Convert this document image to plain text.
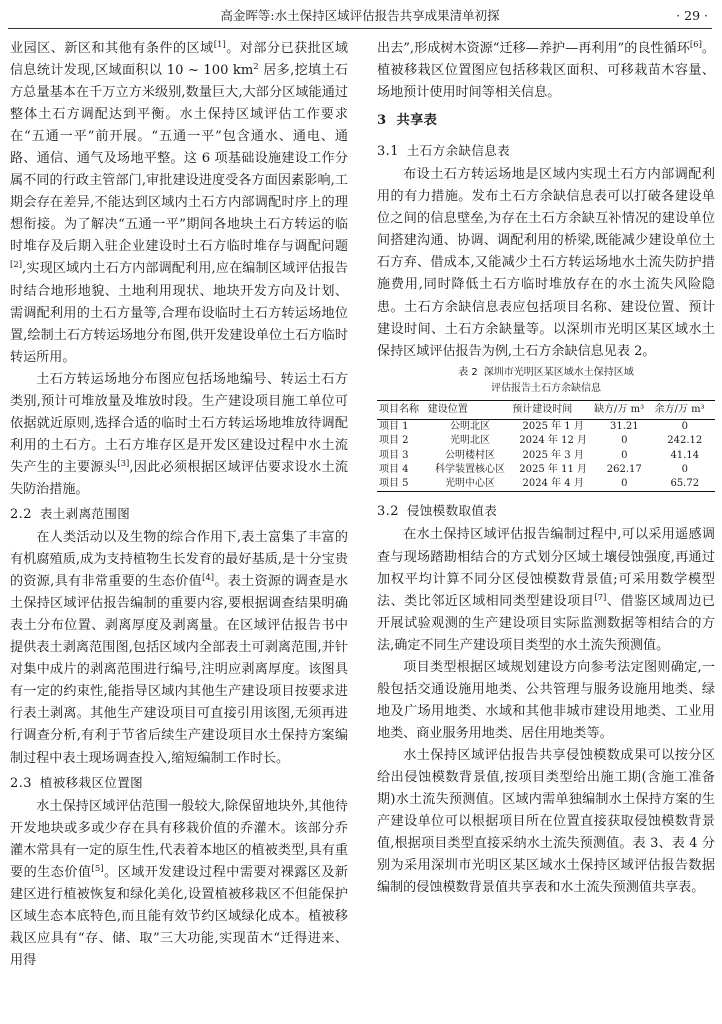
高金晖等:水土保持区域评估报告共享成果清单初探	· 29 ·

业园区、新区和其他有条件的区域[1]。对部分已获批区域信息统计发现,区域面积以 10 ~ 100 $km^2$ 居多,挖填土石方总量基本在千万立方米级别,数量巨大,大部分区域能通过整体土石方调配达到平衡。水土保持区域评估工作要求在“五通一平”前开展。“五通一平”包含通水、通电、通路、通信、通气及场地平整。这 6 项基础设施建设工作分属不同的行政主管部门,审批建设进度受各方面因素影响,工期会存在差异,不能达到区域内土石方内部调配时序上的理想衔接。为了解决“五通一平”期间各地块土石方转运的临时堆存及后期入驻企业建设时土石方临时堆存与调配问题[2],实现区域内土石方内部调配利用,应在编制区域评估报告时结合地形地貌、土地利用现状、地块开发方向及计划、需调配利用的土石方量等,合理布设临时土石方转运场地位置,绘制土石方转运场地分布图,供开发建设单位土石方临时转运所用。

土石方转运场地分布图应包括场地编号、转运土石方类别,预计可堆放量及堆放时段。生产建设项目施工单位可依据就近原则,选择合适的临时土石方转运场地堆放待调配利用的土石方。土石方堆存区是开发区建设过程中水土流失产生的主要源头[3],因此必须根据区域评估要求设水土流失防治措施。

2.2 表土剥离范围图

在人类活动以及生物的综合作用下,表土富集了丰富的有机腐殖质,成为支持植物生长发育的最好基质,是十分宝贵的资源,具有非常重要的生态价值[4]。表土资源的调查是水土保持区域评估报告编制的重要内容,要根据调查结果明确表土分布位置、剥离厚度及剥离量。在区域评估报告书中提供表土剥离范围图,包括区域内全部表土可剥离范围,并针对集中成片的剥离范围进行编号,注明应剥离厚度。该图具有一定的约束性,能指导区域内其他生产建设项目按要求进行表土剥离。其他生产建设项目可直接引用该图,无须再进行调查分析,有利于节省后续生产建设项目水土保持方案编制过程中表土现场调查投入,缩短编制工作时长。

2.3 植被移栽区位置图

水土保持区域评估范围一般较大,除保留地块外,其他待开发地块或多或少存在具有移栽价值的乔灌木。该部分乔灌木常具有一定的原生性,代表着本地区的植被类型,具有重要的生态价值[5]。区域开发建设过程中需要对裸露区及新建区进行植被恢复和绿化美化,设置植被移栽区不但能保护区域生态本底特色,而且能有效节约区域绿化成本。植被移栽区应具有“存、储、取”三大功能,实现苗木“迁得进来、用得

出去”,形成树木资源“迁移—养护—再利用”的良性循环[6]。植被移栽区位置图应包括移栽区面积、可移栽苗木容量、场地预计使用时间等相关信息。

3 共享表
3.1 土石方余缺信息表

布设土石方转运场地是区域内实现土石方内部调配利用的有力措施。发布土石方余缺信息表可以打破各建设单位之间的信息壁垒,为存在土石方余缺互补情况的建设单位间搭建沟通、协调、调配利用的桥梁,既能减少建设单位土石方弃、借成本,又能减少土石方转运场地水土流失防护措施费用,同时降低土石方临时堆放存在的水土流失风险隐患。土石方余缺信息表应包括项目名称、建设位置、预计建设时间、土石方余缺量等。以深圳市光明区某区域水土保持区域评估报告为例,土石方余缺信息见表 2。

表 2 深圳市光明区某区域水土保持区域
评估报告土石方余缺信息
项目名称	建设位置	预计建设时间	缺方/万 m³	余方/万 m³
项目 1	公明北区	2025 年 1 月	31.21	0
项目 2	光明北区	2024 年 12 月	0	242.12
项目 3	公明楼村区	2025 年 3 月	0	41.14
项目 4	科学装置核心区	2025 年 11 月	262.17	0
项目 5	光明中心区	2024 年 4 月	0	65.72
3.2 侵蚀模数取值表

在水土保持区域评估报告编制过程中,可以采用遥感调查与现场踏勘相结合的方式划分区域土壤侵蚀强度,再通过加权平均计算不同分区侵蚀模数背景值;可采用数学模型法、类比邻近区域相同类型建设项目[7]、借鉴区域周边已开展试验观测的生产建设项目实际监测数据等相结合的方法,确定不同生产建设项目类型的水土流失预测值。

项目类型根据区域规划建设方向参考法定图则确定,一般包括交通设施用地类、公共管理与服务设施用地类、绿地及广场用地类、水域和其他非城市建设用地类、工业用地类、商业服务用地类、居住用地类等。

水土保持区域评估报告共享侵蚀模数成果可以按分区给出侵蚀模数背景值,按项目类型给出施工期(含施工准备期)水土流失预测值。区域内需单独编制水土保持方案的生产建设单位可以根据项目所在位置直接获取侵蚀模数背景值,根据项目类型直接采纳水土流失预测值。表 3、表 4 分别为采用深圳市光明区某区域水土保持区域评估报告数据编制的侵蚀模数背景值共享表和水土流失预测值共享表。
